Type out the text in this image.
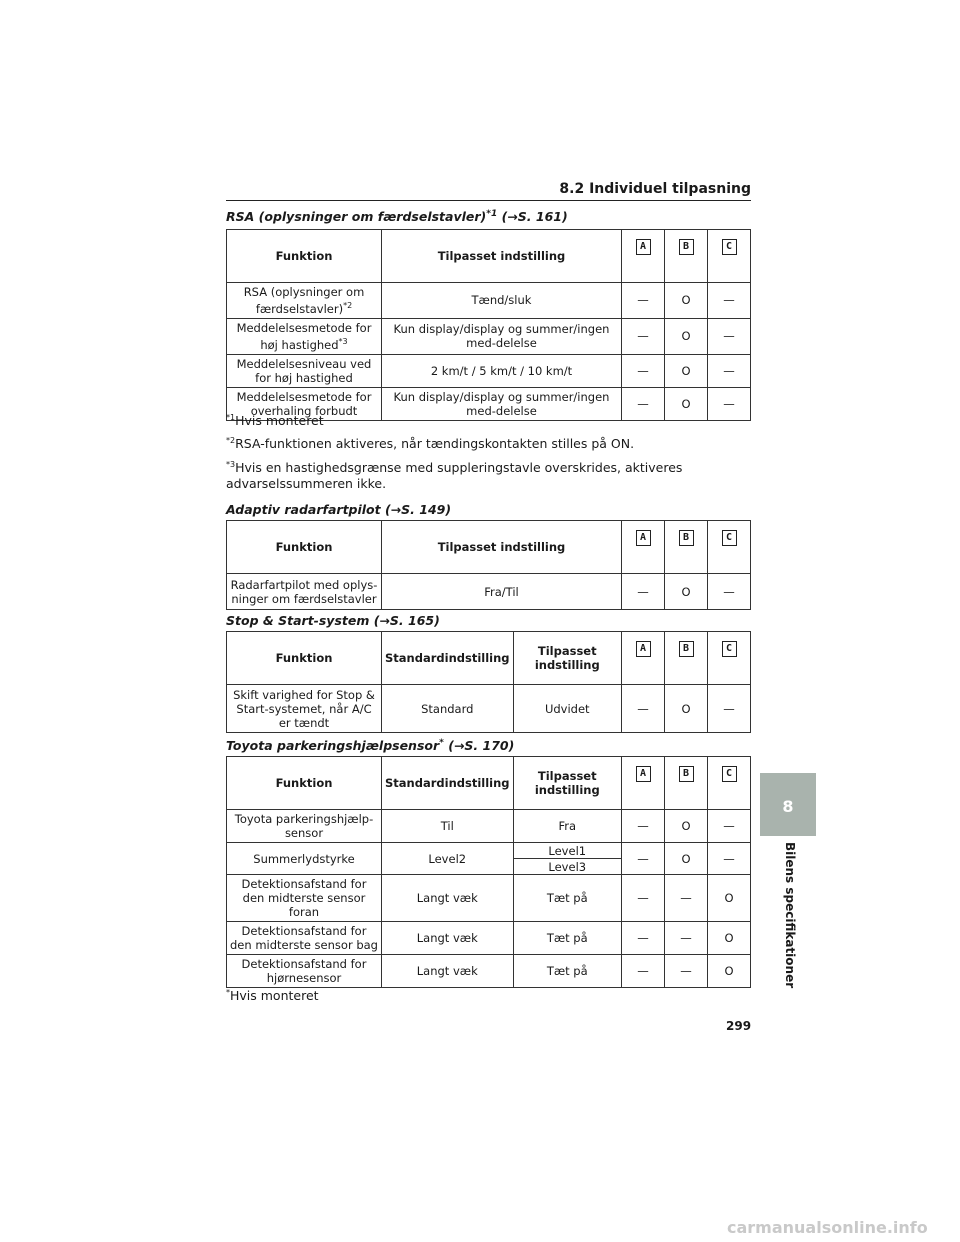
8.2 Individuel tilpasning
RSA (oplysninger om færdselstavler)$^{*1}$ (→S. 161)
Funktion	Tilpasset indstilling	A	B	C
RSA (oplysninger om færdselstavler)$^{*2}$	Tænd/sluk	—	O	—
Meddelelsesmetode for høj hastighed$^{*3}$	Kun display/display og summer/ingen med-delelse	—	O	—
Meddelelsesniveau ved for høj hastighed	2 km/t / 5 km/t / 10 km/t	—	O	—
Meddelelsesmetode for overhaling forbudt	Kun display/display og summer/ingen med-delelse	—	O	—
$^{*1}$Hvis monteret
$^{*2}$RSA-funktionen aktiveres, når tændingskontakten stilles på ON.
$^{*3}$Hvis en hastighedsgrænse med suppleringstavle overskrides, aktiveres advarselssummeren ikke.
Adaptiv radarfartpilot (→S. 149)
Funktion	Tilpasset indstilling	A	B	C
Radarfartpilot med oplys-ninger om færdselstavler	Fra/Til	—	O	—
Stop & Start-system (→S. 165)
Funktion	Standardindstilling	Tilpasset indstilling	A	B	C
Skift varighed for Stop & Start-systemet, når A/C er tændt	Standard	Udvidet	—	O	—
Toyota parkeringshjælpsensor* (→S. 170)
Funktion	Standardindstilling	Tilpasset indstilling	A	B	C
Toyota parkeringshjælp-sensor	Til	Fra	—	O	—
Summerlydstyrke	Level2	Level1	—	O	—
		Level3			
Detektionsafstand for den midterste sensor foran	Langt væk	Tæt på	—	—	O
Detektionsafstand for den midterste sensor bag	Langt væk	Tæt på	—	—	O
Detektionsafstand for hjørnesensor	Langt væk	Tæt på	—	—	O
*Hvis monteret
8
Bilens specifikationer
299
carmanualsonline.info
